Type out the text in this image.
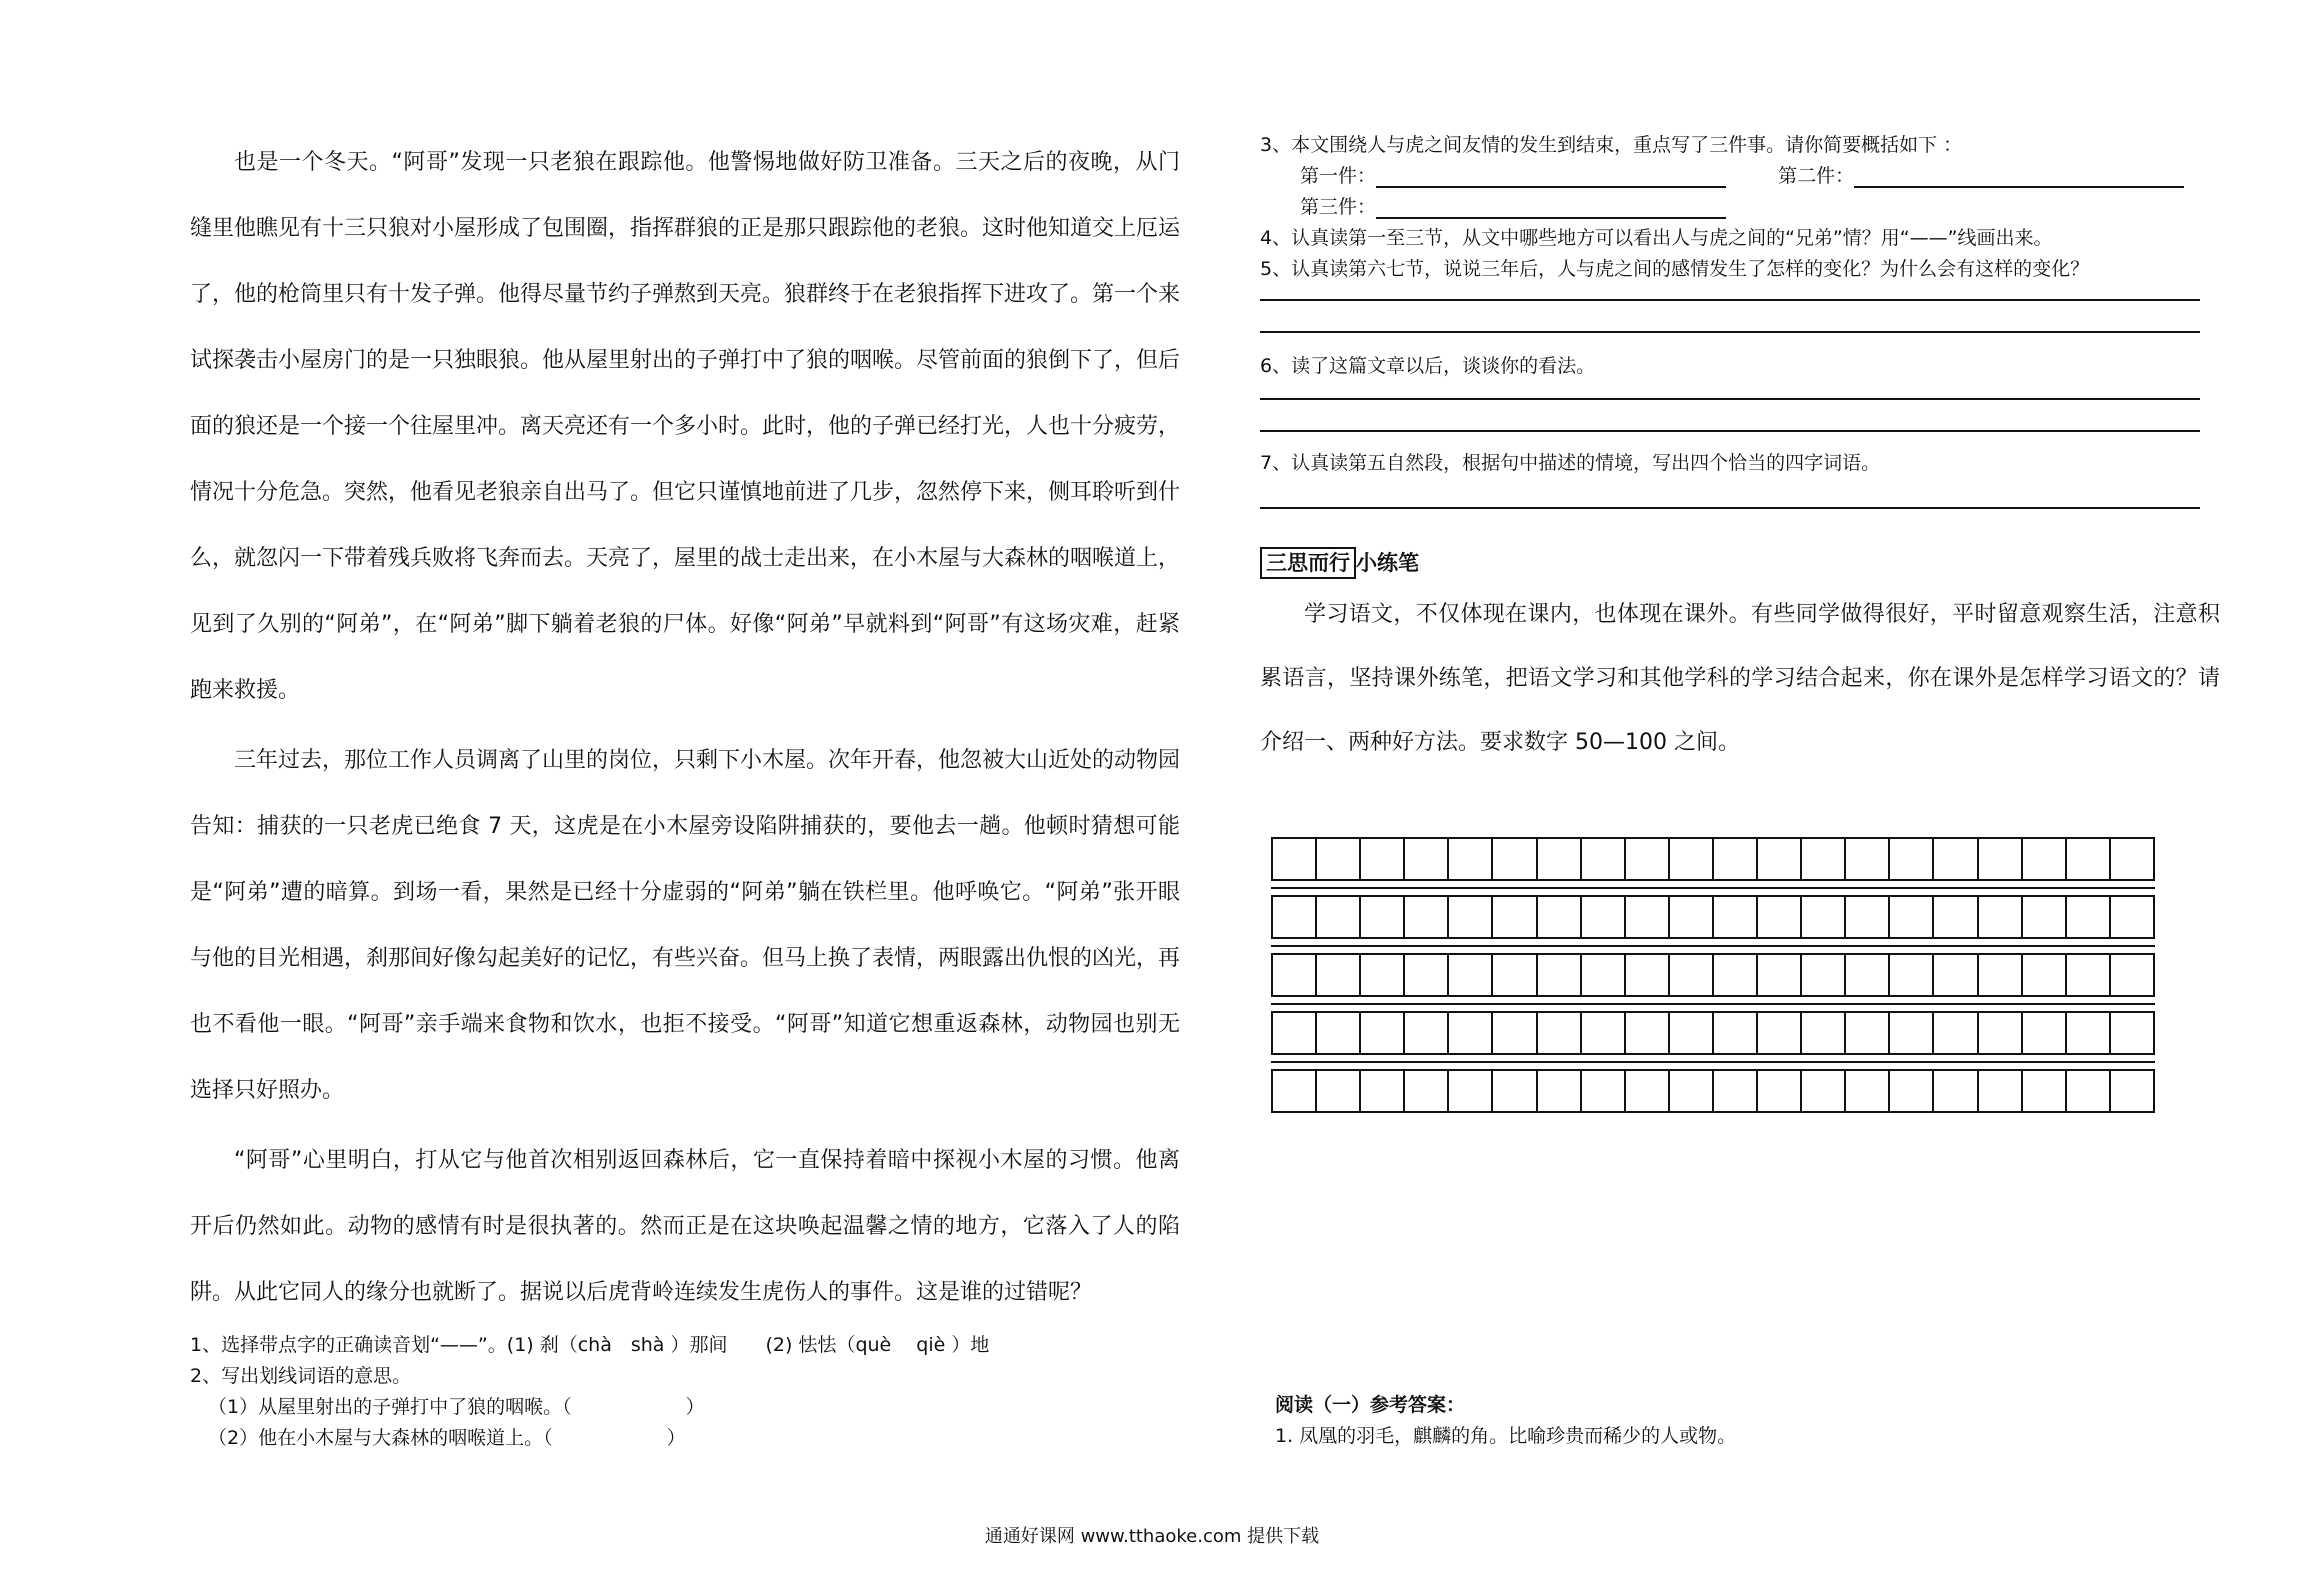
也是一个冬天。“阿哥”发现一只老狼在跟踪他。他警惕地做好防卫准备。三天之后的夜晚，从门缝里他瞧见有十三只狼对小屋形成了包围圈，指挥群狼的正是那只跟踪他的老狼。这时他知道交上厄运了，他的枪筒里只有十发子弹。他得尽量节约子弹熬到天亮。狼群终于在老狼指挥下进攻了。第一个来试探袭击小屋房门的是一只独眼狼。他从屋里射出的子弹打中了狼的咽喉。尽管前面的狼倒下了，但后面的狼还是一个接一个往屋里冲。离天亮还有一个多小时。此时，他的子弹已经打光，人也十分疲劳，情况十分危急。突然，他看见老狼亲自出马了。但它只谨慎地前进了几步，忽然停下来，侧耳聆听到什么，就忽闪一下带着残兵败将飞奔而去。天亮了，屋里的战士走出来，在小木屋与大森林的咽喉道上，见到了久别的“阿弟”，在“阿弟”脚下躺着老狼的尸体。好像“阿弟”早就料到“阿哥”有这场灾难，赶紧跑来救援。

三年过去，那位工作人员调离了山里的岗位，只剩下小木屋。次年开春，他忽被大山近处的动物园告知：捕获的一只老虎已绝食 7 天，这虎是在小木屋旁设陷阱捕获的，要他去一趟。他顿时猜想可能是“阿弟”遭的暗算。到场一看，果然是已经十分虚弱的“阿弟”躺在铁栏里。他呼唤它。“阿弟”张开眼与他的目光相遇，刹那间好像勾起美好的记忆，有些兴奋。但马上换了表情，两眼露出仇恨的凶光，再也不看他一眼。“阿哥”亲手端来食物和饮水，也拒不接受。“阿哥”知道它想重返森林，动物园也别无选择只好照办。

“阿哥”心里明白，打从它与他首次相别返回森林后，它一直保持着暗中探视小木屋的习惯。他离开后仍然如此。动物的感情有时是很执著的。然而正是在这块唤起温馨之情的地方，它落入了人的陷阱。从此它同人的缘分也就断了。据说以后虎背岭连续发生虎伤人的事件。这是谁的过错呢？

1、选择带点字的正确读音划“——”。(1) 刹（chà　shà ）那间　　(2) 怯怯（què　 qiè ）地

2、写出划线词语的意思。

（1）从屋里射出的子弹打中了狼的咽喉。（　　　　　　）

（2）他在小木屋与大森林的咽喉道上。（　　　　　　）

3、本文围绕人与虎之间友情的发生到结束，重点写了三件事。请你简要概括如下 ：

第一件：	第二件：

第三件：

4、认真读第一至三节，从文中哪些地方可以看出人与虎之间的“兄弟”情？用“——”线画出来。

5、认真读第六七节，说说三年后，人与虎之间的感情发生了怎样的变化？为什么会有这样的变化？

6、读了这篇文章以后，谈谈你的看法。

7、认真读第五自然段，根据句中描述的情境，写出四个恰当的四字词语。

三思而行 小练笔

学习语文，不仅体现在课内，也体现在课外。有些同学做得很好，平时留意观察生活，注意积累语言，坚持课外练笔，把语文学习和其他学科的学习结合起来，你在课外是怎样学习语文的？请介绍一、两种好方法。要求数字 50—100 之间。

阅读（一）参考答案：

1. 凤凰的羽毛，麒麟的角。比喻珍贵而稀少的人或物。

通通好课网 www.tthaoke.com 提供下载
